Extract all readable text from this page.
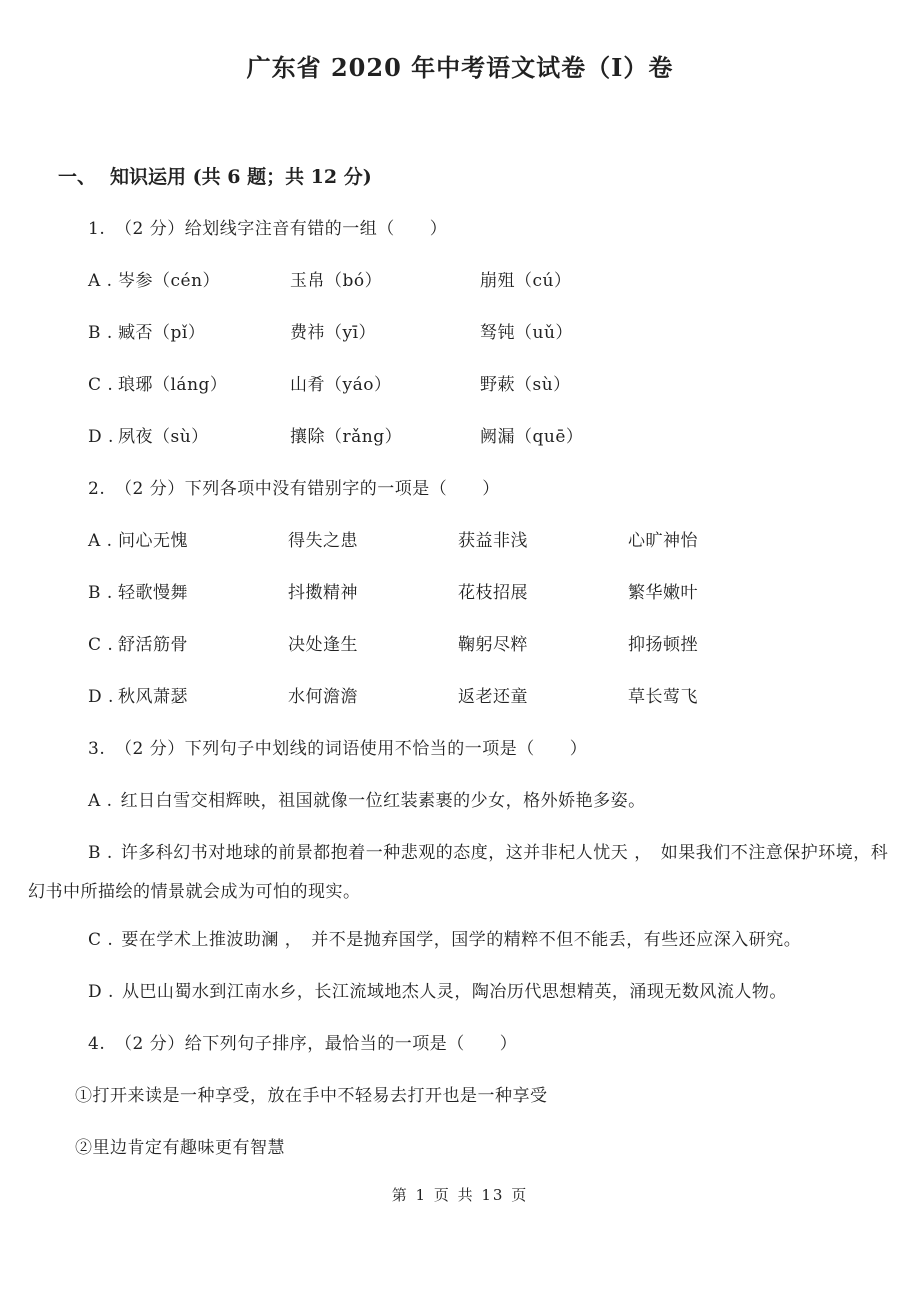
广东省 2020 年中考语文试卷（I）卷
一、 知识运用 (共 6 题；共 12 分)

1. （2 分）给划线字注音有错的一组（　　）

A . 岑参（cén）	玉帛（bó）	崩殂（cú）

B . 臧否（pǐ）	费祎（yī）	驽钝（uǔ）

C . 琅琊（láng）	山肴（yáo）	野蔌（sù）

D . 夙夜（sù）	攘除（rǎng）	阙漏（quē）

2. （2 分）下列各项中没有错别字的一项是（　　）

A . 问心无愧	得失之患	获益非浅	心旷神怡

B . 轻歌慢舞	抖擞精神	花枝招展	繁华嫩叶

C . 舒活筋骨	决处逢生	鞠躬尽粹	抑扬顿挫

D . 秋风萧瑟	水何澹澹	返老还童	草长莺飞

3. （2 分）下列句子中划线的词语使用不恰当的一项是（　　）

A . 红日白雪交相辉映，祖国就像一位红装素裹的少女，格外娇艳多姿。

B . 许多科幻书对地球的前景都抱着一种悲观的态度，这并非杞人忧天 ，　如果我们不注意保护环境，科幻书中所描绘的情景就会成为可怕的现实。

C . 要在学术上推波助澜 ，　并不是抛弃国学，国学的精粹不但不能丢，有些还应深入研究。

D . 从巴山蜀水到江南水乡，长江流域地杰人灵，陶冶历代思想精英，涌现无数风流人物。

4. （2 分）给下列句子排序，最恰当的一项是（　　）

①打开来读是一种享受，放在手中不轻易去打开也是一种享受

②里边肯定有趣味更有智慧

第 1 页 共 13 页
